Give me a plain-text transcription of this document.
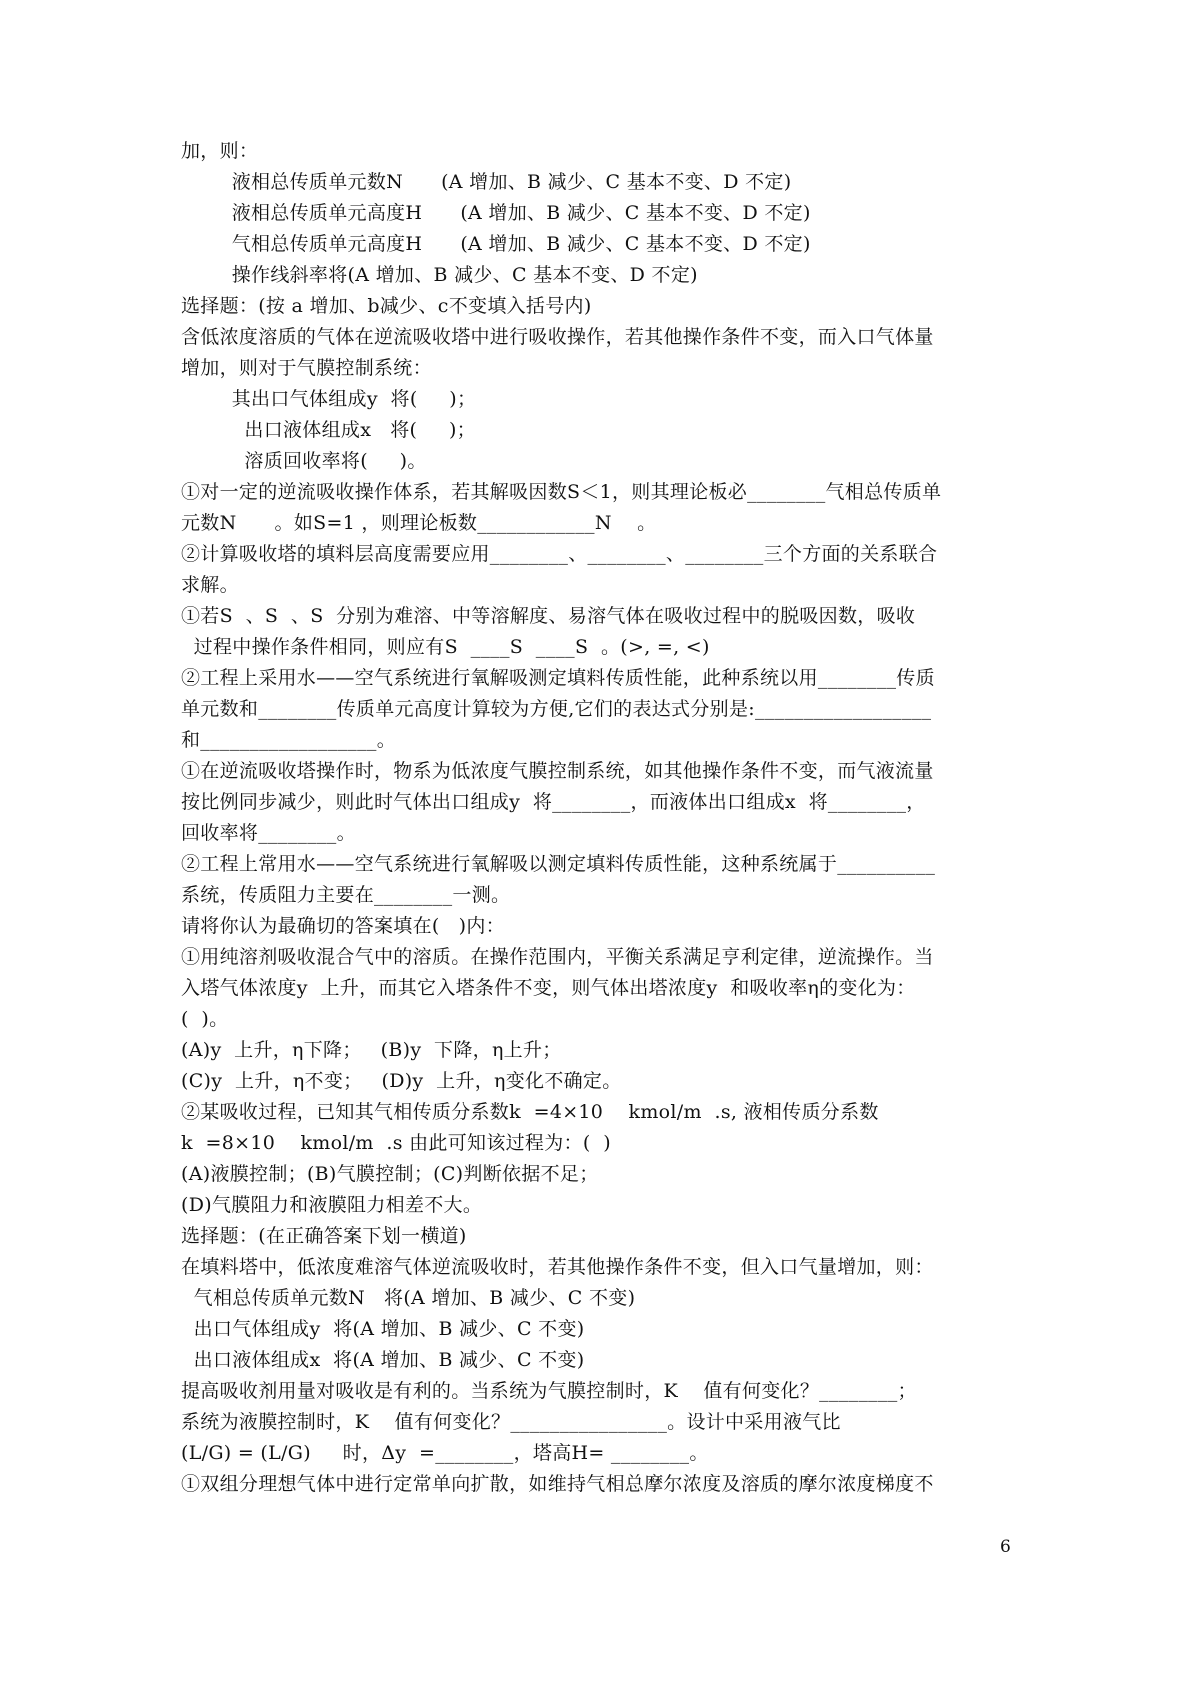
加，则：
液相总传质单元数N      (A 增加、B 减少、C 基本不变、D 不定)
液相总传质单元高度H      (A 增加、B 减少、C 基本不变、D 不定)
气相总传质单元高度H      (A 增加、B 减少、C 基本不变、D 不定)
操作线斜率将(A 增加、B 减少、C 基本不变、D 不定)
选择题：(按 a 增加、b减少、c不变填入括号内)
含低浓度溶质的气体在逆流吸收塔中进行吸收操作，若其他操作条件不变，而入口气体量
增加，则对于气膜控制系统：
其出口气体组成y  将(     )；
出口液体组成x   将(     )；
溶质回收率将(     )。
①对一定的逆流吸收操作体系，若其解吸因数S＜1，则其理论板必________气相总传质单
元数N      。如S=1 ，则理论板数____________N    。
②计算吸收塔的填料层高度需要应用________、________、________三个方面的关系联合
求解。
①若S  、S  、S  分别为难溶、中等溶解度、易溶气体在吸收过程中的脱吸因数，吸收
过程中操作条件相同，则应有S  ____S  ____S  。(>, =, <)
②工程上采用水——空气系统进行氧解吸测定填料传质性能，此种系统以用________传质
单元数和________传质单元高度计算较为方便,它们的表达式分别是:__________________
和__________________。
①在逆流吸收塔操作时，物系为低浓度气膜控制系统，如其他操作条件不变，而气液流量
按比例同步减少，则此时气体出口组成y  将________，而液体出口组成x  将________，
回收率将________。
②工程上常用水——空气系统进行氧解吸以测定填料传质性能，这种系统属于__________
系统，传质阻力主要在________一测。
请将你认为最确切的答案填在(   )内：
①用纯溶剂吸收混合气中的溶质。在操作范围内，平衡关系满足亨利定律，逆流操作。当
入塔气体浓度y  上升，而其它入塔条件不变，则气体出塔浓度y  和吸收率η的变化为：
(  )。
(A)y  上升，η下降；   (B)y  下降，η上升；
(C)y  上升，η不变；   (D)y  上升，η变化不确定。
②某吸收过程，已知其气相传质分系数k  =4×10    kmol/m  .s, 液相传质分系数
k  =8×10    kmol/m  .s 由此可知该过程为：(  )
(A)液膜控制；(B)气膜控制；(C)判断依据不足；
(D)气膜阻力和液膜阻力相差不大。
选择题：(在正确答案下划一横道)
在填料塔中，低浓度难溶气体逆流吸收时，若其他操作条件不变，但入口气量增加，则：
气相总传质单元数N   将(A 增加、B 减少、C 不变)
出口气体组成y  将(A 增加、B 减少、C 不变)
出口液体组成x  将(A 增加、B 减少、C 不变)
提高吸收剂用量对吸收是有利的。当系统为气膜控制时，K    值有何变化？________；
系统为液膜控制时，K    值有何变化？________________。设计中采用液气比
(L/G) = (L/G)     时，Δy  =________，塔高H= ________。
①双组分理想气体中进行定常单向扩散，如维持气相总摩尔浓度及溶质的摩尔浓度梯度不
6
